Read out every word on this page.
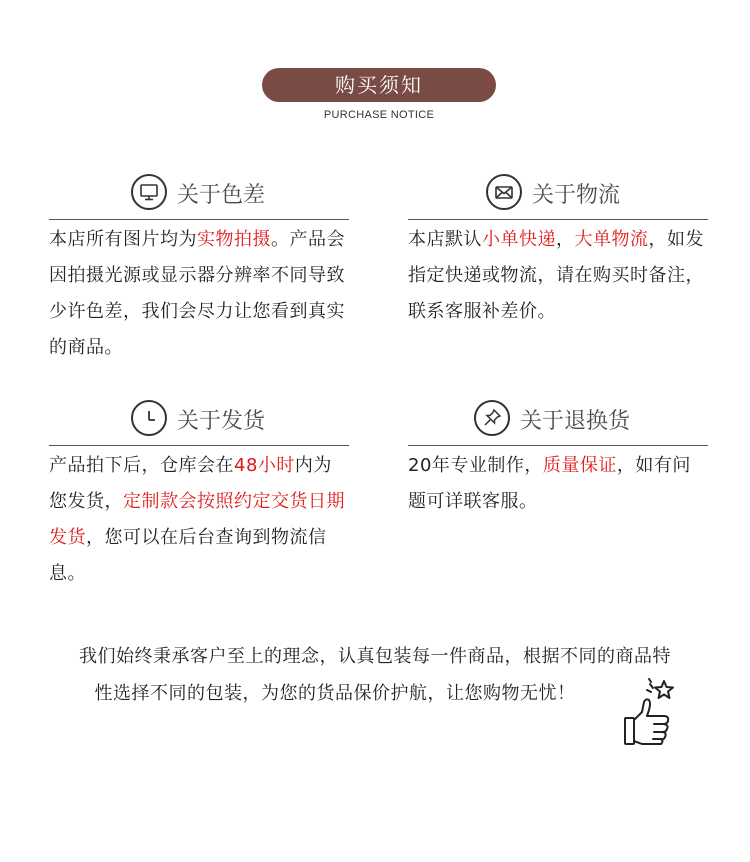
购买须知
PURCHASE NOTICE
关于色差
本店所有图片均为实物拍摄。产品会因拍摄光源或显示器分辨率不同导致少许色差，我们会尽力让您看到真实的商品。
关于物流
本店默认小单快递，大单物流，如发指定快递或物流，请在购买时备注，联系客服补差价。
关于发货
产品拍下后，仓库会在48小时内为您发货，定制款会按照约定交货日期发货，您可以在后台查询到物流信息。
关于退换货
20年专业制作，质量保证，如有问题可详联客服。
我们始终秉承客户至上的理念，认真包装每一件商品，根据不同的商品特
性选择不同的包装，为您的货品保价护航，让您购物无忧！
